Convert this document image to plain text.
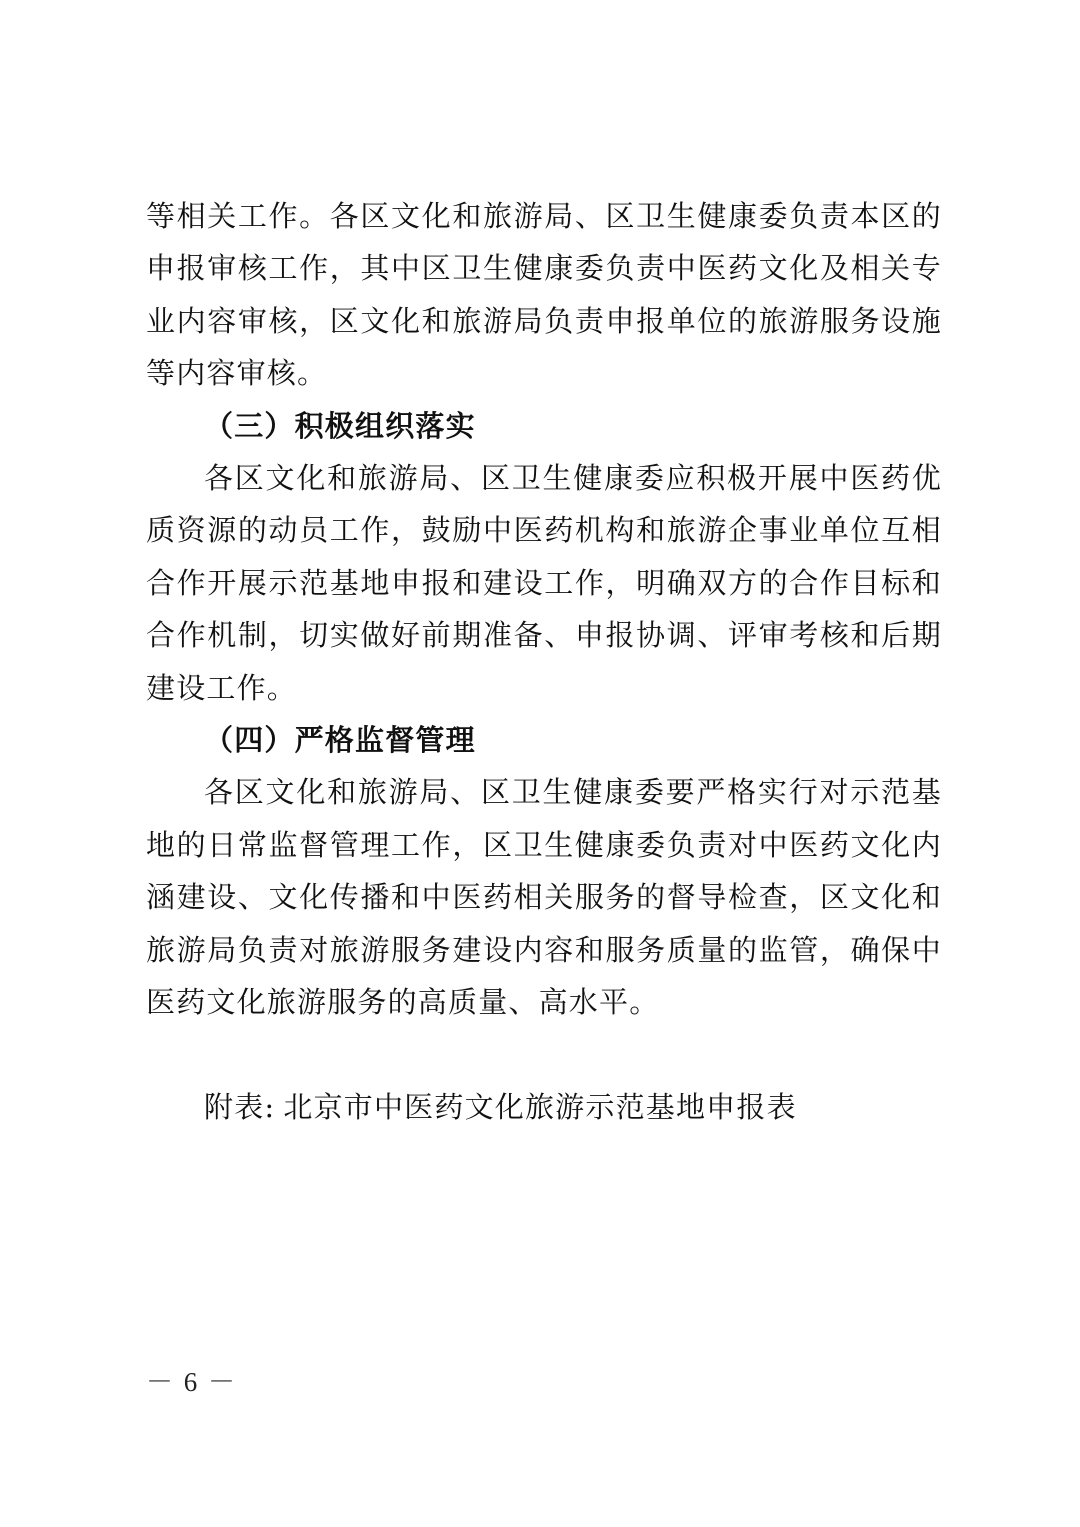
等相关工作。各区文化和旅游局、区卫生健康委负责本区的申报审核工作，其中区卫生健康委负责中医药文化及相关专业内容审核，区文化和旅游局负责申报单位的旅游服务设施等内容审核。

（三）积极组织落实

各区文化和旅游局、区卫生健康委应积极开展中医药优质资源的动员工作，鼓励中医药机构和旅游企事业单位互相合作开展示范基地申报和建设工作，明确双方的合作目标和合作机制，切实做好前期准备、申报协调、评审考核和后期建设工作。

（四）严格监督管理

各区文化和旅游局、区卫生健康委要严格实行对示范基地的日常监督管理工作，区卫生健康委负责对中医药文化内涵建设、文化传播和中医药相关服务的督导检查，区文化和旅游局负责对旅游服务建设内容和服务质量的监管，确保中医药文化旅游服务的高质量、高水平。

附表: 北京市中医药文化旅游示范基地申报表

－ 6 －
